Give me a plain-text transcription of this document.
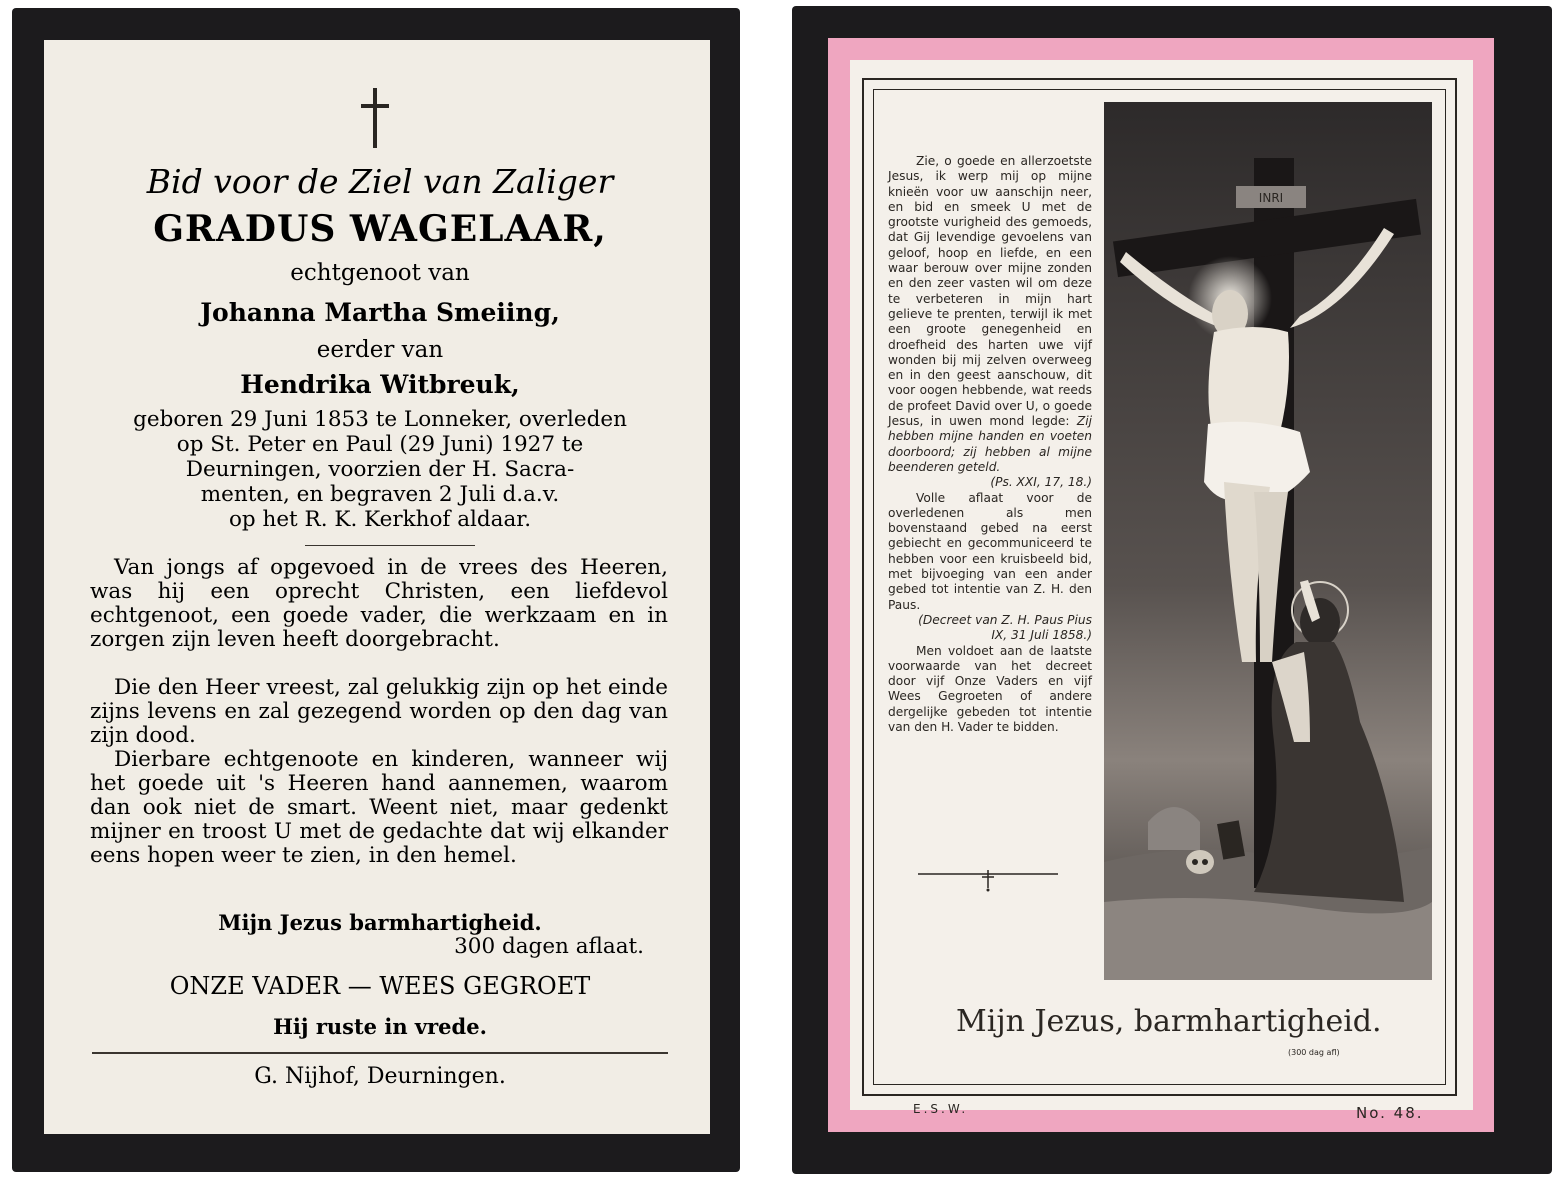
Bid voor de Ziel van Zaliger
GRADUS WAGELAAR,
echtgenoot van
Johanna Martha Smeiing,
eerder van
Hendrika Witbreuk,
geboren 29 Juni 1853 te Lonneker, overleden
op St. Peter en Paul (29 Juni) 1927 te
Deurningen, voorzien der H. Sacra-
menten, en begraven 2 Juli d.a.v.
op het R. K. Kerkhof aldaar.
Van jongs af opgevoed in de vrees des Heeren, was hij een oprecht Christen, een liefdevol echtgenoot, een goede vader, die werkzaam en in zorgen zijn leven heeft doorgebracht.
Die den Heer vreest, zal gelukkig zijn op het einde zijns levens en zal gezegend worden op den dag van zijn dood.
Dierbare echtgenoote en kinderen, wanneer wij het goede uit 's Heeren hand aannemen, waarom dan ook niet de smart. Weent niet, maar gedenkt mijner en troost U met de gedachte dat wij elkander eens hopen weer te zien, in den hemel.
Mijn Jezus barmhartigheid.
300 dagen aflaat.
ONZE VADER — WEES GEGROET
Hij ruste in vrede.
G. Nijhof, Deurningen.

Zie, o goede en allerzoetste Jesus, ik werp mij op mijne knieën voor uw aanschijn neer, en bid en smeek U met de grootste vurigheid des gemoeds, dat Gij levendige gevoelens van geloof, hoop en liefde, en een waar berouw over mijne zonden en den zeer vasten wil om deze te verbeteren in mijn hart gelieve te prenten, terwijl ik met een groote genegenheid en droefheid des harten uwe vijf wonden bij mij zelven overweeg en in den geest aanschouw, dit voor oogen hebbende, wat reeds de profeet David over U, o goede Jesus, in uwen mond legde: Zij hebben mijne handen en voeten doorboord; zij hebben al mijne beenderen geteld.

(Ps. XXI, 17, 18.)

Volle aflaat voor de overledenen als men bovenstaand gebed na eerst gebiecht en gecommuniceerd te hebben voor een kruisbeeld bid, met bijvoeging van een ander gebed tot intentie van Z. H. den Paus.

(Decreet van Z. H. Paus Pius IX, 31 Juli 1858.)

Men voldoet aan de laatste voorwaarde van het decreet door vijf Onze Vaders en vijf Wees Gegroeten of andere dergelijke gebeden tot intentie van den H. Vader te bidden.

INRI
Mijn Jezus, barmhartigheid.
(300 dag afl)
E.S.W.	No. 48.
